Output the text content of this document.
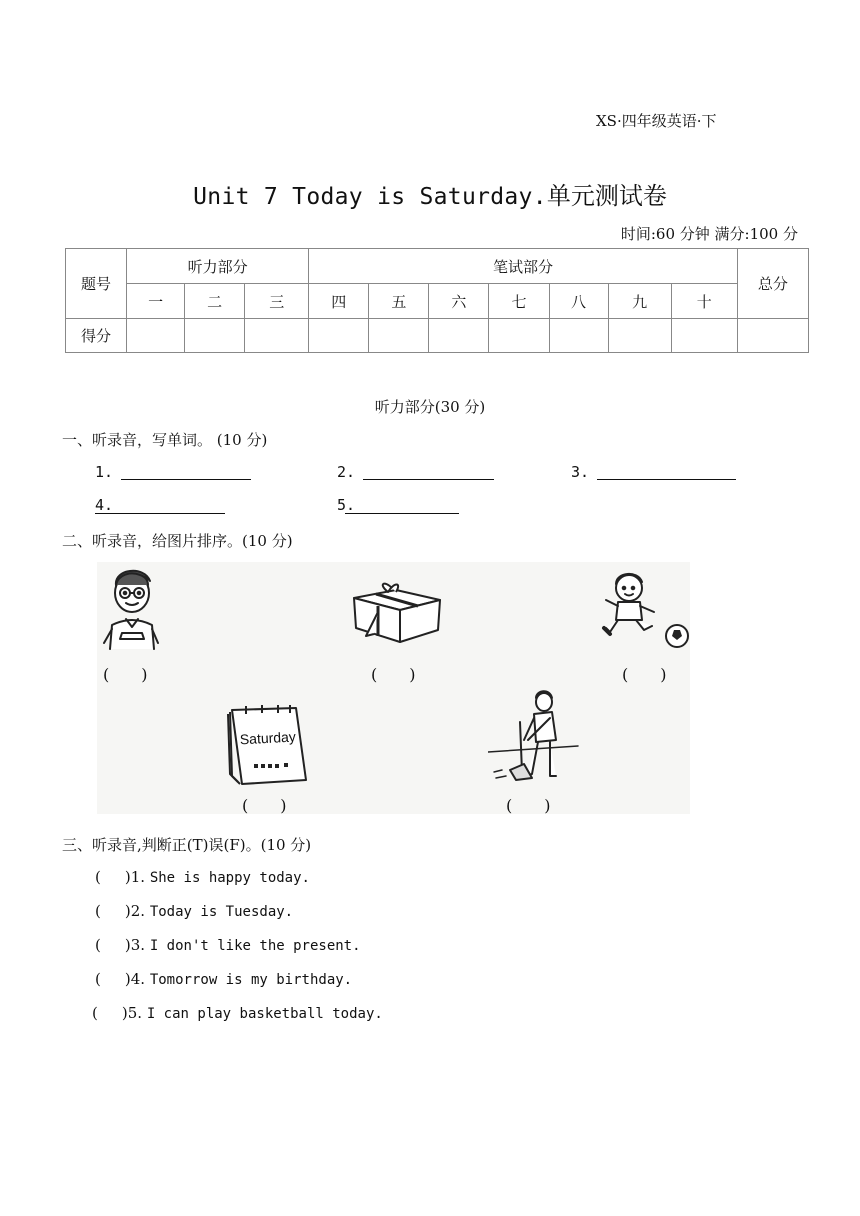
XS·四年级英语·下
Unit 7 Today is Saturday.单元测试卷
时间:60 分钟 满分:100 分
题号	听力部分			笔试部分							总分
	一	二	三	四	五	六	七	八	九	十	
得分											
听力部分(30 分)
一、听录音，写单词。 (10 分)
1.	2.	3.
4.	5.
二、听录音，给图片排序。(10 分)
(　　)	(　　)	(　　)
Saturday
(　　)	(　　)
三、听录音,判断正(T)误(F)。(10 分)
( )1. She is happy today.
( )2. Today is Tuesday.
( )3. I don't like the present.
( )4. Tomorrow is my birthday.
( )5. I can play basketball today.
